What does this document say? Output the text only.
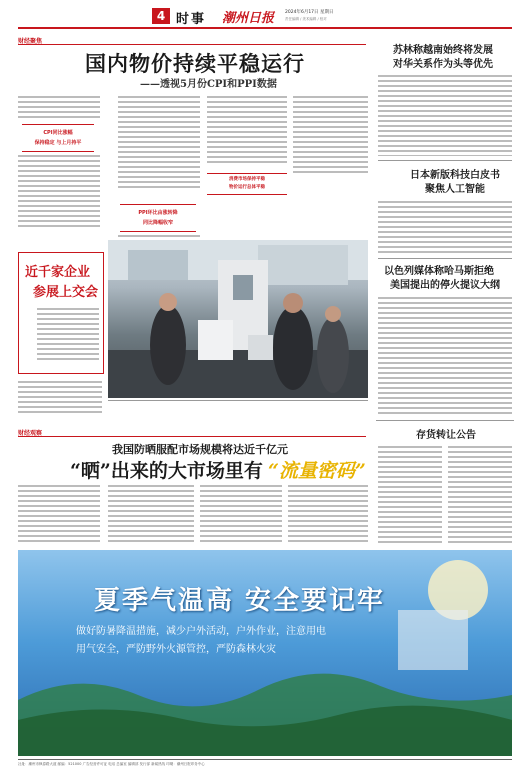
4 时事 潮州日报 2024年6月17日 星期日
责任编辑 / 美术编辑 / 校对
财经聚焦
国内物价持续平稳运行
——透视5月份CPI和PPI数据
CPI同比涨幅
保持稳定 与上月持平
PPI环比由涨转降
同比降幅收窄
消费市场保持平稳
物价运行总体平稳
近千家企业
参展上交会
苏林称越南始终将发展
对华关系作为头等优先
日本新版科技白皮书
聚焦人工智能
以色列媒体称哈马斯拒绝
美国提出的停火提议大纲
财经观察
我国防晒服配市场规模将达近千亿元
“晒”出来的大市场里有 “流量密码”
存货转让公告
夏季气温高 安全要记牢
做好防暑降温措施，减少户外活动，户外作业，注意用电
用气安全，严防野外火源管控，严防森林火灾
社址：潮州市枫春路大道 邮编：521000 广告经营许可证 电话 总编室 编辑部 发行部 新闻热线 印刷：潮州日报印务中心
